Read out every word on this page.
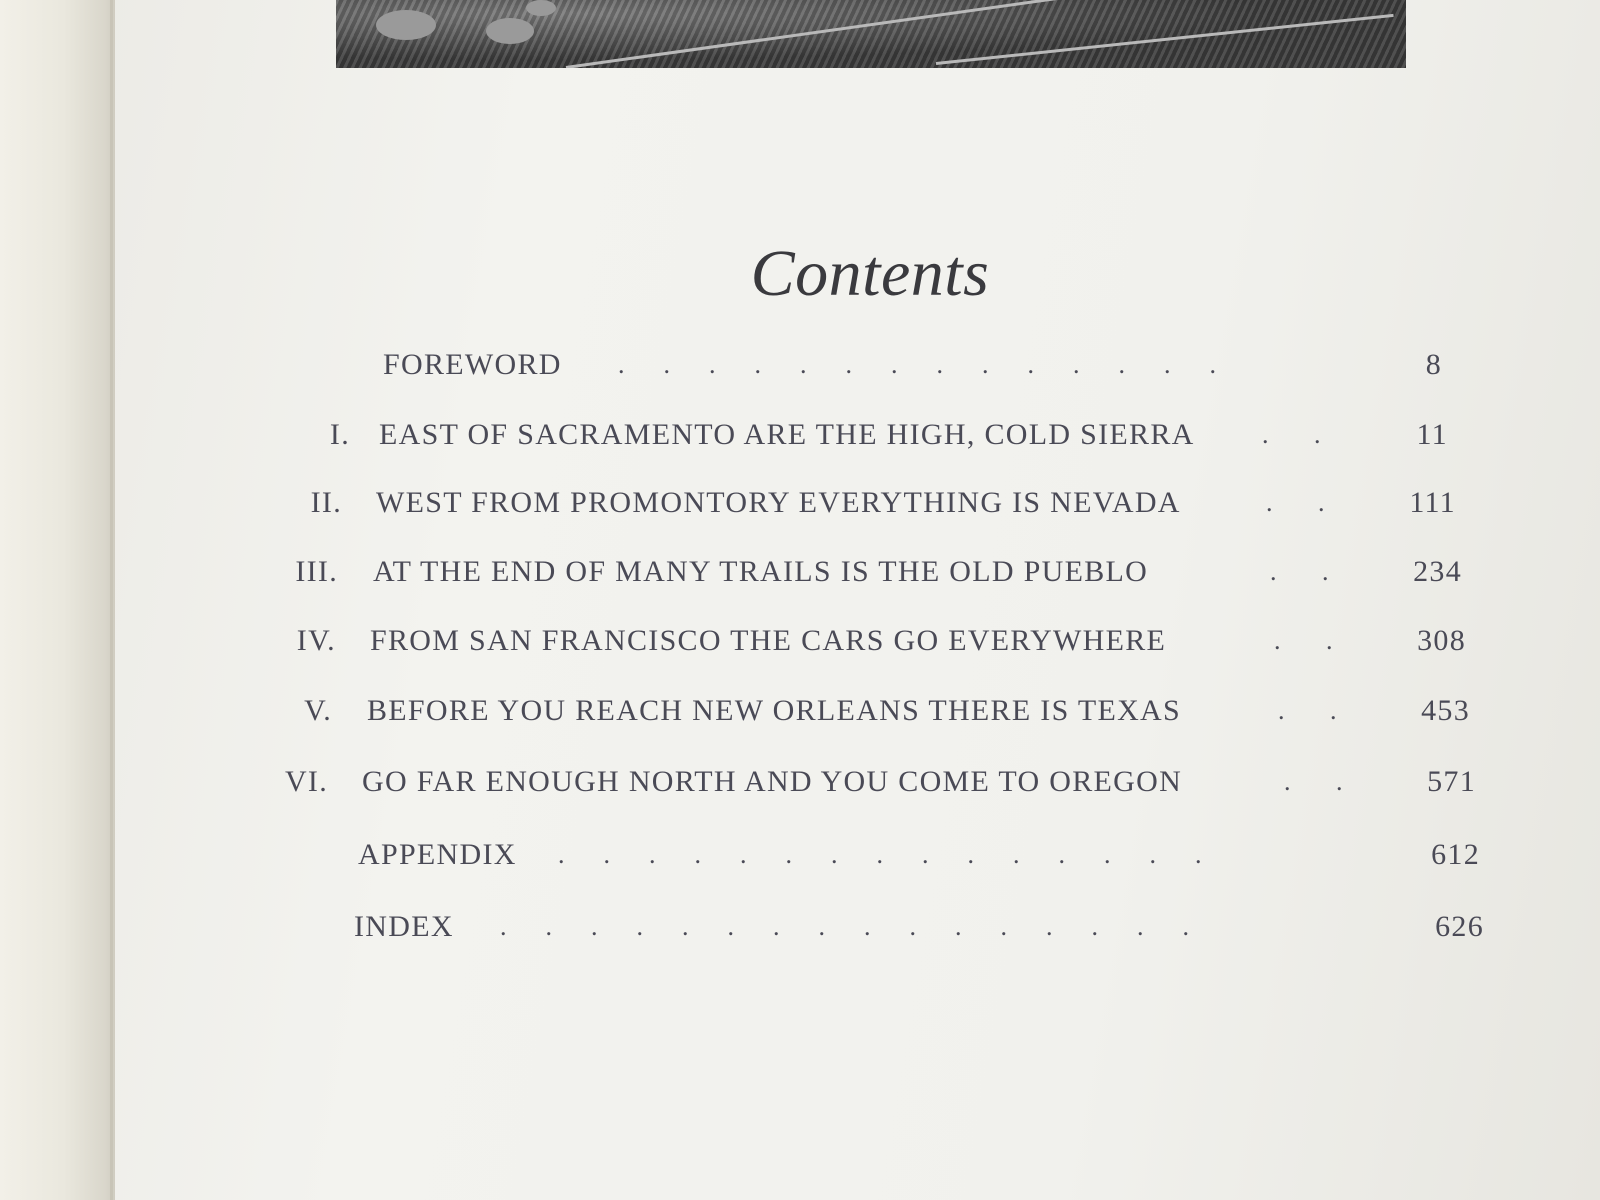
Contents
FOREWORD .      .      .      .      .      .      .      .      .      .      .      .      .      .	8
I. EAST OF SACRAMENTO ARE THE HIGH, COLD SIERRA	.       .	11
II. WEST FROM PROMONTORY EVERYTHING IS NEVADA	.       .	111
III. AT THE END OF MANY TRAILS IS THE OLD PUEBLO	.       .	234
IV. FROM SAN FRANCISCO THE CARS GO EVERYWHERE	.       .	308
V. BEFORE YOU REACH NEW ORLEANS THERE IS TEXAS	.       .	453
VI. GO FAR ENOUGH NORTH AND YOU COME TO OREGON	.       .	571
APPENDIX .      .      .      .      .      .      .      .      .      .      .      .      .      .      .	612
INDEX .      .      .      .      .      .      .      .      .      .      .      .      .      .      .      .	626
